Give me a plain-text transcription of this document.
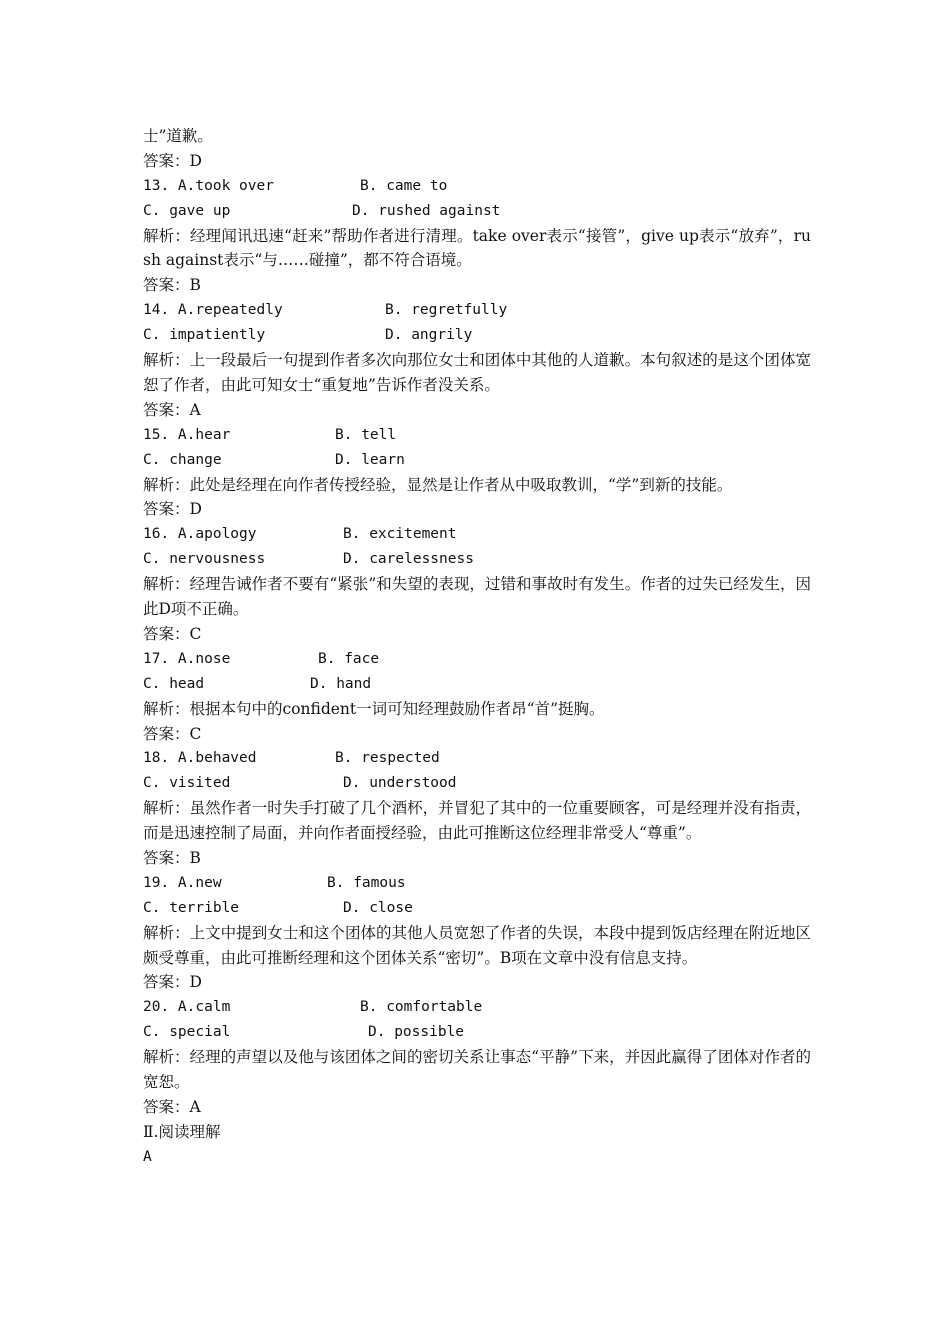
士”道歉。
答案：D

13. A.took over

	B. came to

C. gave up

	D. rushed against

解析：经理闻讯迅速“赶来”帮助作者进行清理。take over表示“接管”，give up表示“放弃”，rush against表示“与……碰撞”，都不符合语境。
答案：B

14. A.repeatedly

	B. regretfully

C. impatiently

	D. angrily

解析：上一段最后一句提到作者多次向那位女士和团体中其他的人道歉。本句叙述的是这个团体宽恕了作者，由此可知女士“重复地”告诉作者没关系。
答案：A

15. A.hear

	B. tell

C. change

	D. learn

解析：此处是经理在向作者传授经验，显然是让作者从中吸取教训，“学”到新的技能。
答案：D

16. A.apology

	B. excitement

C. nervousness

	D. carelessness

解析：经理告诫作者不要有“紧张”和失望的表现，过错和事故时有发生。作者的过失已经发生，因此D项不正确。
答案：C

17. A.nose

	B. face

C. head

	D. hand

解析：根据本句中的confident一词可知经理鼓励作者昂“首”挺胸。
答案：C

18. A.behaved

	B. respected

C. visited

	D. understood

解析：虽然作者一时失手打破了几个酒杯，并冒犯了其中的一位重要顾客，可是经理并没有指责，而是迅速控制了局面，并向作者面授经验，由此可推断这位经理非常受人“尊重”。
答案：B

19. A.new

	B. famous

C. terrible

	D. close

解析：上文中提到女士和这个团体的其他人员宽恕了作者的失误，本段中提到饭店经理在附近地区颇受尊重，由此可推断经理和这个团体关系“密切”。B项在文章中没有信息支持。
答案：D

20. A.calm

	B. comfortable

C. special

	D. possible

解析：经理的声望以及他与该团体之间的密切关系让事态“平静”下来，并因此赢得了团体对作者的宽恕。
答案：A
Ⅱ.阅读理解
A
